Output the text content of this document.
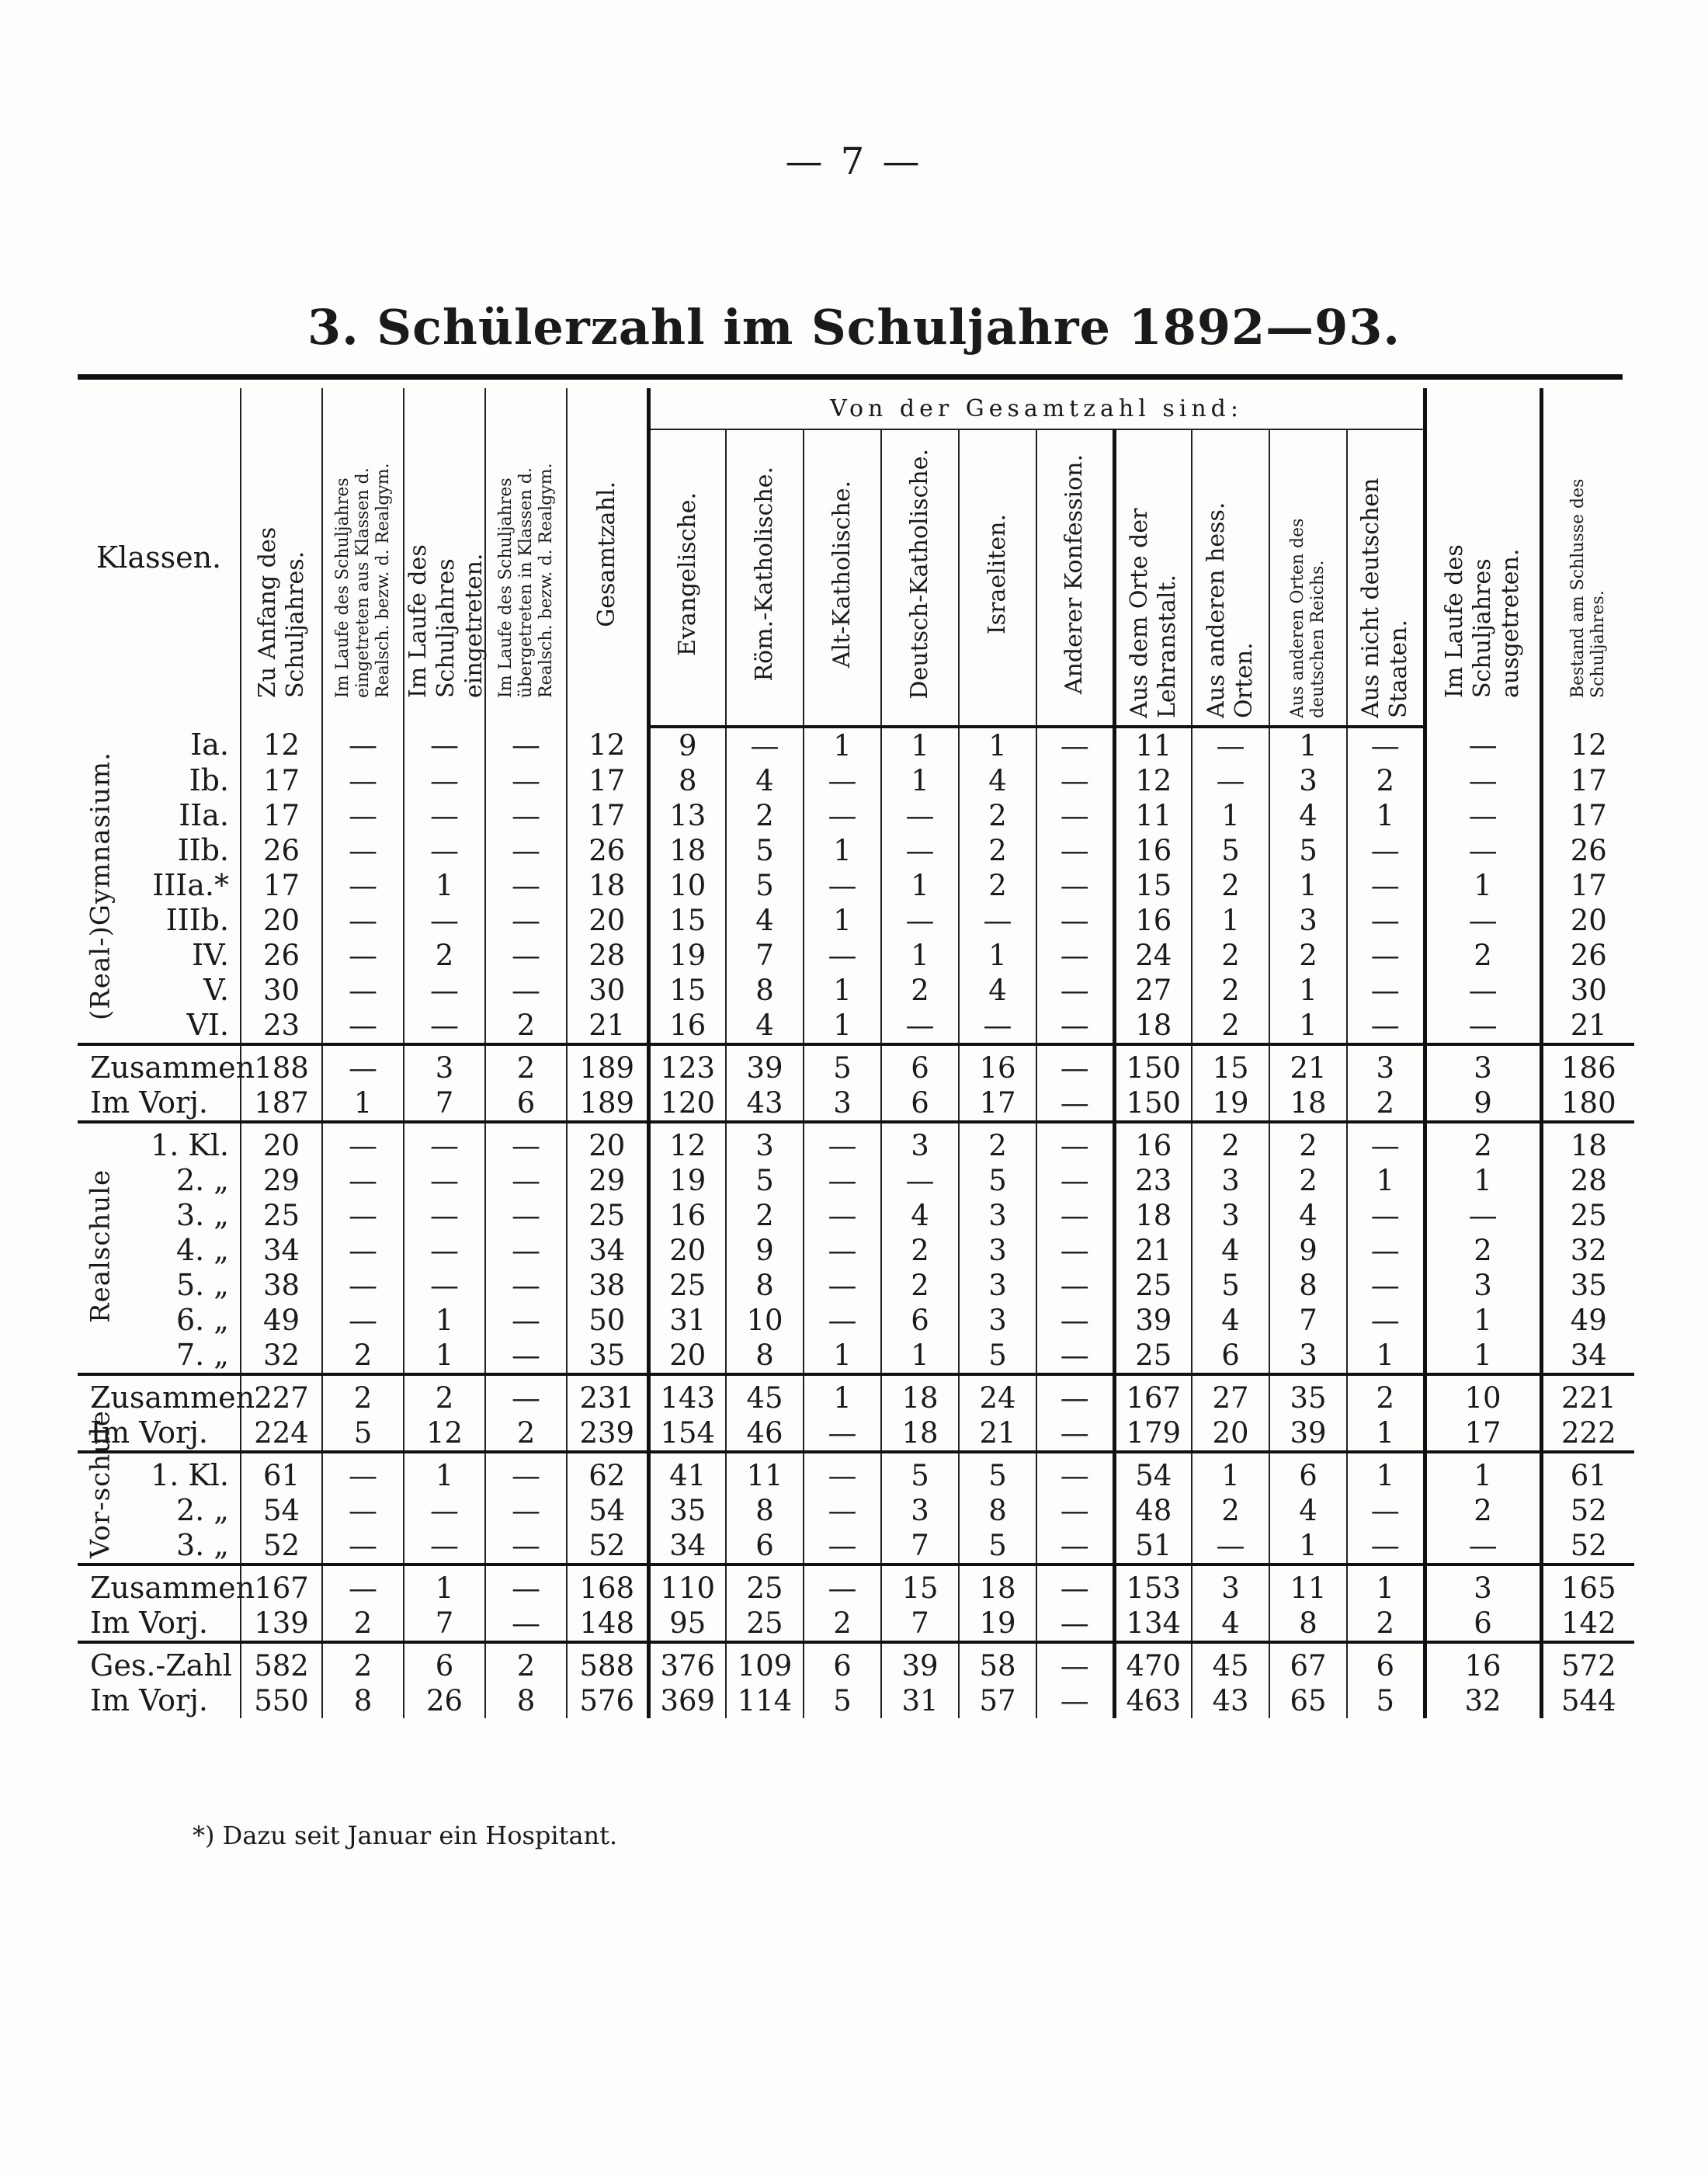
— 7 —
3. Schülerzahl im Schuljahre 1892—93.
Klassen.		Zu Anfang des Schuljahres.	Im Laufe des Schuljahres eingetreten aus Klassen d. Realsch. bezw. d. Realgym.	Im Laufe des Schuljahres eingetreten.	Im Laufe des Schuljahres übergetreten in Klassen d. Realsch. bezw. d. Realgym.	Gesamtzahl.	Von der Gesamtzahl sind:										Im Laufe des Schuljahres ausgetreten.	Bestand am Schlusse des Schuljahres.
							Evangelische.	Röm.-Katholische.	Alt-Katholische.	Deutsch-Katholische.	Israeliten.	Anderer Konfession.	Aus dem Orte der Lehranstalt.	Aus anderen hess. Orten.	Aus anderen Orten des deutschen Reichs.	Aus nicht deutschen Staaten.		
(Real-)Gymnasium.	Ia.	12	—	—	—	12	9	—	1	1	1	—	11	—	1	—	—	12
	Ib.	17	—	—	—	17	8	4	—	1	4	—	12	—	3	2	—	17
	IIa.	17	—	—	—	17	13	2	—	—	2	—	11	1	4	1	—	17
	IIb.	26	—	—	—	26	18	5	1	—	2	—	16	5	5	—	—	26
	IIIa.*	17	—	1	—	18	10	5	—	1	2	—	15	2	1	—	1	17
	IIIb.	20	—	—	—	20	15	4	1	—	—	—	16	1	3	—	—	20
	IV.	26	—	2	—	28	19	7	—	1	1	—	24	2	2	—	2	26
	V.	30	—	—	—	30	15	8	1	2	4	—	27	2	1	—	—	30
	VI.	23	—	—	2	21	16	4	1	—	—	—	18	2	1	—	—	21
Zusammen		188	—	3	2	189	123	39	5	6	16	—	150	15	21	3	3	186
Im Vorj.		187	1	7	6	189	120	43	3	6	17	—	150	19	18	2	9	180
Realschule	1. Kl.	20	—	—	—	20	12	3	—	3	2	—	16	2	2	—	2	18
	2. „	29	—	—	—	29	19	5	—	—	5	—	23	3	2	1	1	28
	3. „	25	—	—	—	25	16	2	—	4	3	—	18	3	4	—	—	25
	4. „	34	—	—	—	34	20	9	—	2	3	—	21	4	9	—	2	32
	5. „	38	—	—	—	38	25	8	—	2	3	—	25	5	8	—	3	35
	6. „	49	—	1	—	50	31	10	—	6	3	—	39	4	7	—	1	49
	7. „	32	2	1	—	35	20	8	1	1	5	—	25	6	3	1	1	34
Zusammen		227	2	2	—	231	143	45	1	18	24	—	167	27	35	2	10	221
Im Vorj.		224	5	12	2	239	154	46	—	18	21	—	179	20	39	1	17	222
Vor-schule.	1. Kl.	61	—	1	—	62	41	11	—	5	5	—	54	1	6	1	1	61
	2. „	54	—	—	—	54	35	8	—	3	8	—	48	2	4	—	2	52
	3. „	52	—	—	—	52	34	6	—	7	5	—	51	—	1	—	—	52
Zusammen		167	—	1	—	168	110	25	—	15	18	—	153	3	11	1	3	165
Im Vorj.		139	2	7	—	148	95	25	2	7	19	—	134	4	8	2	6	142
Ges.-Zahl		582	2	6	2	588	376	109	6	39	58	—	470	45	67	6	16	572
Im Vorj.		550	8	26	8	576	369	114	5	31	57	—	463	43	65	5	32	544
*) Dazu seit Januar ein Hospitant.
